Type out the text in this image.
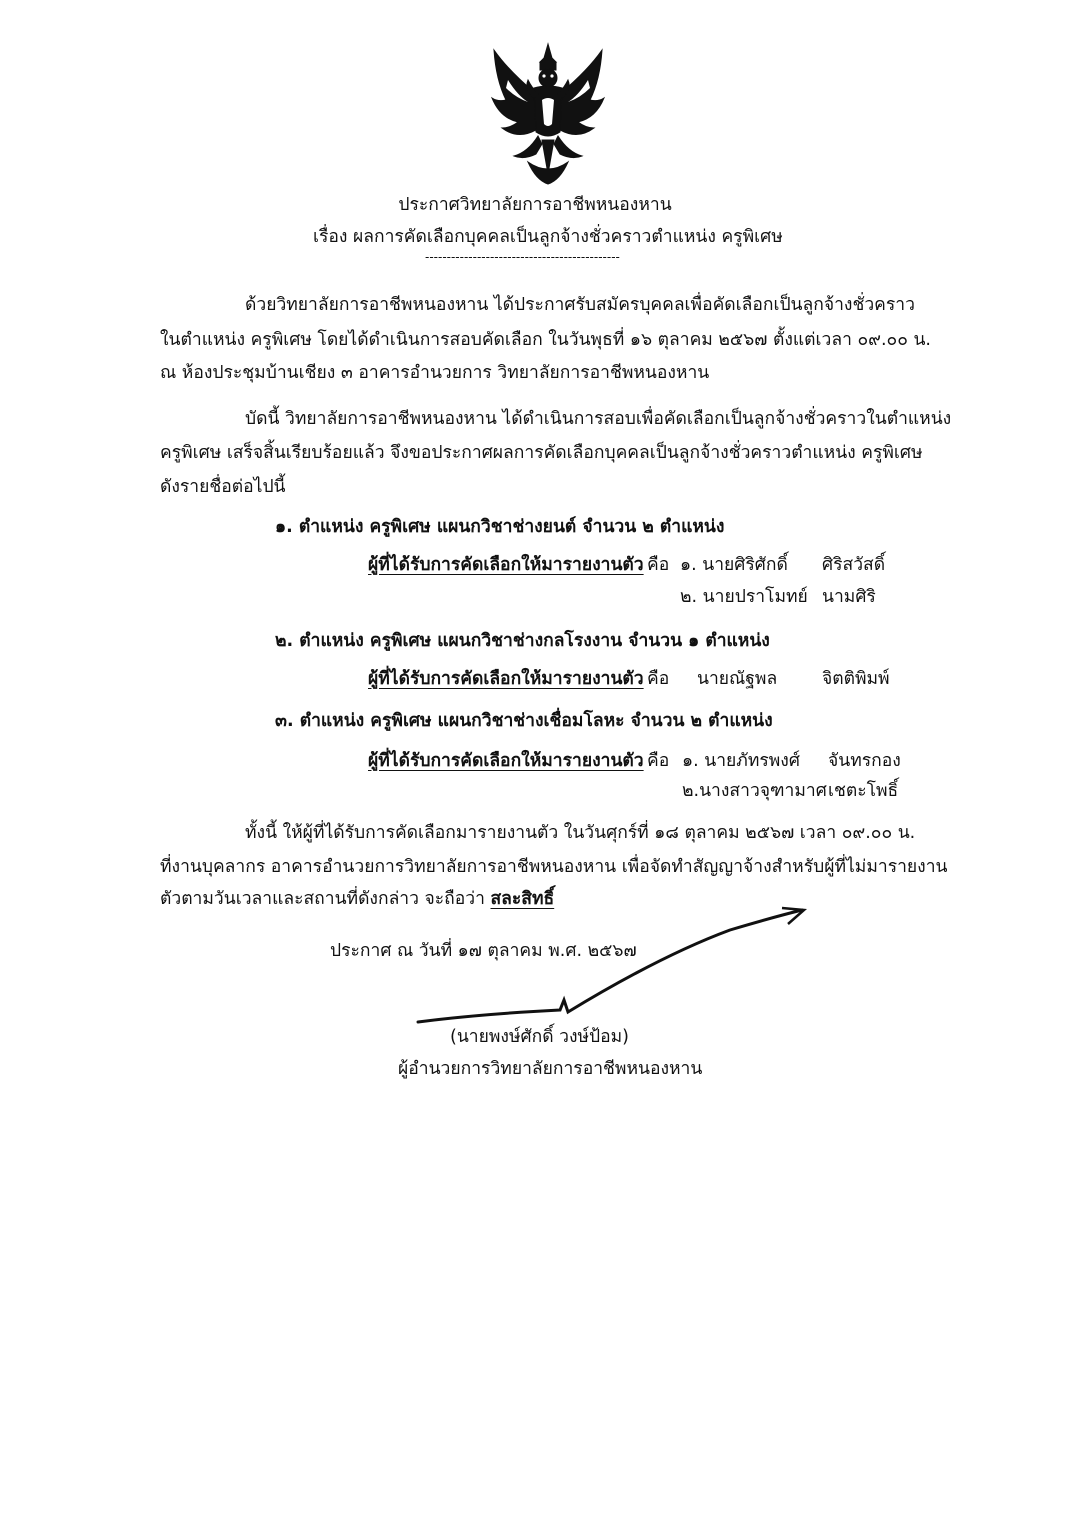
ประกาศวิทยาลัยการอาชีพหนองหาน
เรื่อง ผลการคัดเลือกบุคคลเป็นลูกจ้างชั่วคราวตำแหน่ง ครูพิเศษ
---------------------------------------------
ด้วยวิทยาลัยการอาชีพหนองหาน ได้ประกาศรับสมัครบุคคลเพื่อคัดเลือกเป็นลูกจ้างชั่วคราว
ในตำแหน่ง ครูพิเศษ โดยได้ดำเนินการสอบคัดเลือก ในวันพุธที่ ๑๖ ตุลาคม ๒๕๖๗ ตั้งแต่เวลา ๐๙.๐๐ น.
ณ ห้องประชุมบ้านเชียง ๓ อาคารอำนวยการ วิทยาลัยการอาชีพหนองหาน
บัดนี้ วิทยาลัยการอาชีพหนองหาน ได้ดำเนินการสอบเพื่อคัดเลือกเป็นลูกจ้างชั่วคราวในตำแหน่ง
ครูพิเศษ เสร็จสิ้นเรียบร้อยแล้ว จึงขอประกาศผลการคัดเลือกบุคคลเป็นลูกจ้างชั่วคราวตำแหน่ง ครูพิเศษ
ดังรายชื่อต่อไปนี้
๑. ตำแหน่ง ครูพิเศษ แผนกวิชาช่างยนต์ จำนวน ๒ ตำแหน่ง
ผู้ที่ได้รับการคัดเลือกให้มารายงานตัว คือ ๑. นายศิริศักดิ์ ศิริสวัสดิ์
๒. นายปราโมทย์ นามศิริ
๒. ตำแหน่ง ครูพิเศษ แผนกวิชาช่างกลโรงงาน จำนวน ๑ ตำแหน่ง
ผู้ที่ได้รับการคัดเลือกให้มารายงานตัว คือ นายณัฐพล	จิตติพิมพ์
๓. ตำแหน่ง ครูพิเศษ แผนกวิชาช่างเชื่อมโลหะ จำนวน ๒ ตำแหน่ง
ผู้ที่ได้รับการคัดเลือกให้มารายงานตัว คือ ๑. นายภัทรพงศ์ จันทรกอง
๒.นางสาวจุฑามาศ เชตะโพธิ์
ทั้งนี้ ให้ผู้ที่ได้รับการคัดเลือกมารายงานตัว ในวันศุกร์ที่ ๑๘ ตุลาคม ๒๕๖๗ เวลา ๐๙.๐๐ น.
ที่งานบุคลากร อาคารอำนวยการวิทยาลัยการอาชีพหนองหาน เพื่อจัดทำสัญญาจ้างสำหรับผู้ที่ไม่มารายงาน
ตัวตามวันเวลาและสถานที่ดังกล่าว จะถือว่า สละสิทธิ์
ประกาศ ณ วันที่ ๑๗ ตุลาคม พ.ศ. ๒๕๖๗
(นายพงษ์ศักดิ์ วงษ์ป้อม)
ผู้อำนวยการวิทยาลัยการอาชีพหนองหาน
